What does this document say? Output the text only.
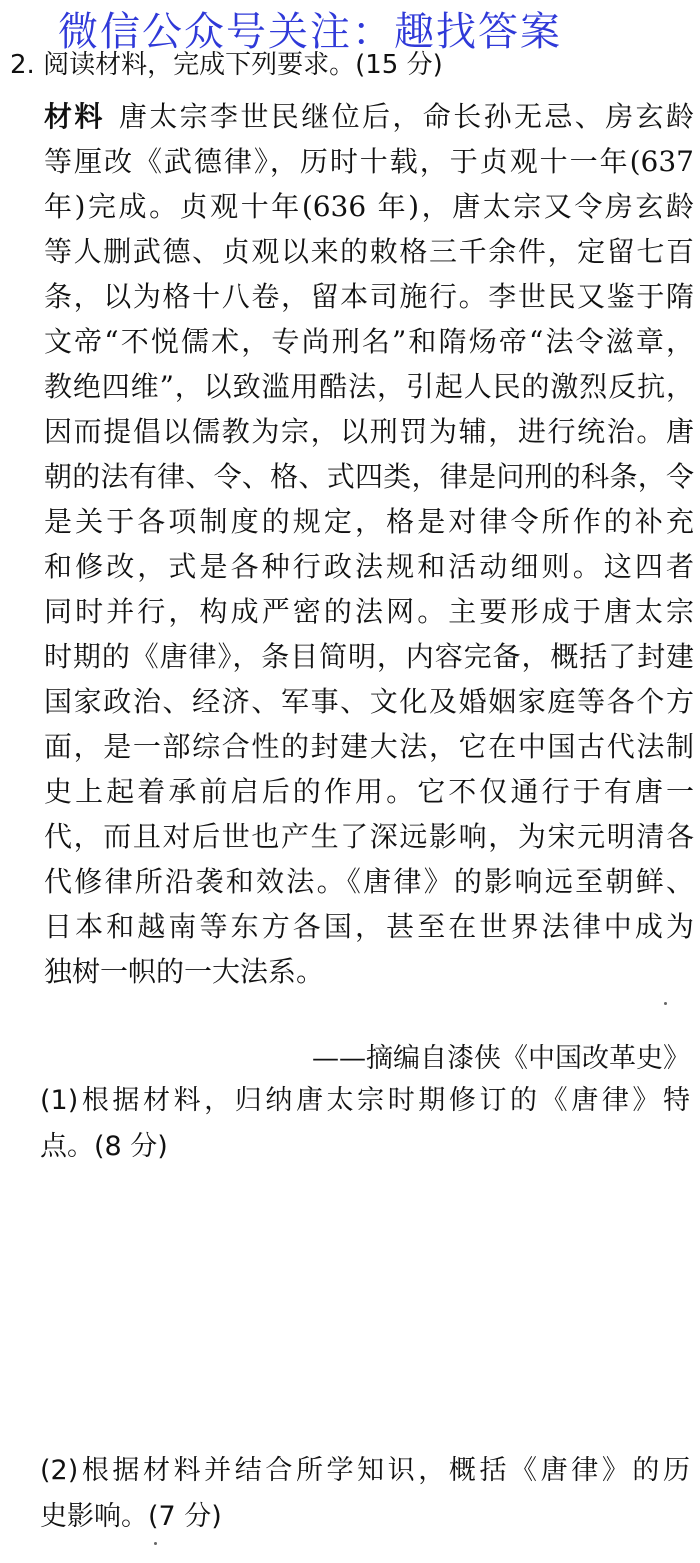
微信公众号关注：趣找答案
2. 阅读材料，完成下列要求。(15 分)
材料 唐太宗李世民继位后，命长孙无忌、房玄龄
等厘改《武德律》，历时十载，于贞观十一年(637
年)完成。贞观十年(636 年)，唐太宗又令房玄龄
等人删武德、贞观以来的敕格三千余件，定留七百
条，以为格十八卷，留本司施行。李世民又鉴于隋
文帝“不悦儒术，专尚刑名”和隋炀帝“法令滋章，
教绝四维”，以致滥用酷法，引起人民的激烈反抗，
因而提倡以儒教为宗，以刑罚为辅，进行统治。唐
朝的法有律、令、格、式四类，律是问刑的科条，令
是关于各项制度的规定，格是对律令所作的补充
和修改，式是各种行政法规和活动细则。这四者
同时并行，构成严密的法网。主要形成于唐太宗
时期的《唐律》，条目简明，内容完备，概括了封建
国家政治、经济、军事、文化及婚姻家庭等各个方
面，是一部综合性的封建大法，它在中国古代法制
史上起着承前启后的作用。它不仅通行于有唐一
代，而且对后世也产生了深远影响，为宋元明清各
代修律所沿袭和效法。《唐律》的影响远至朝鲜、
日本和越南等东方各国，甚至在世界法律中成为
独树一帜的一大法系。
——摘编自漆侠《中国改革史》
(1)根据材料，归纳唐太宗时期修订的《唐律》特
点。(8 分)
(2)根据材料并结合所学知识，概括《唐律》的历
史影响。(7 分)
